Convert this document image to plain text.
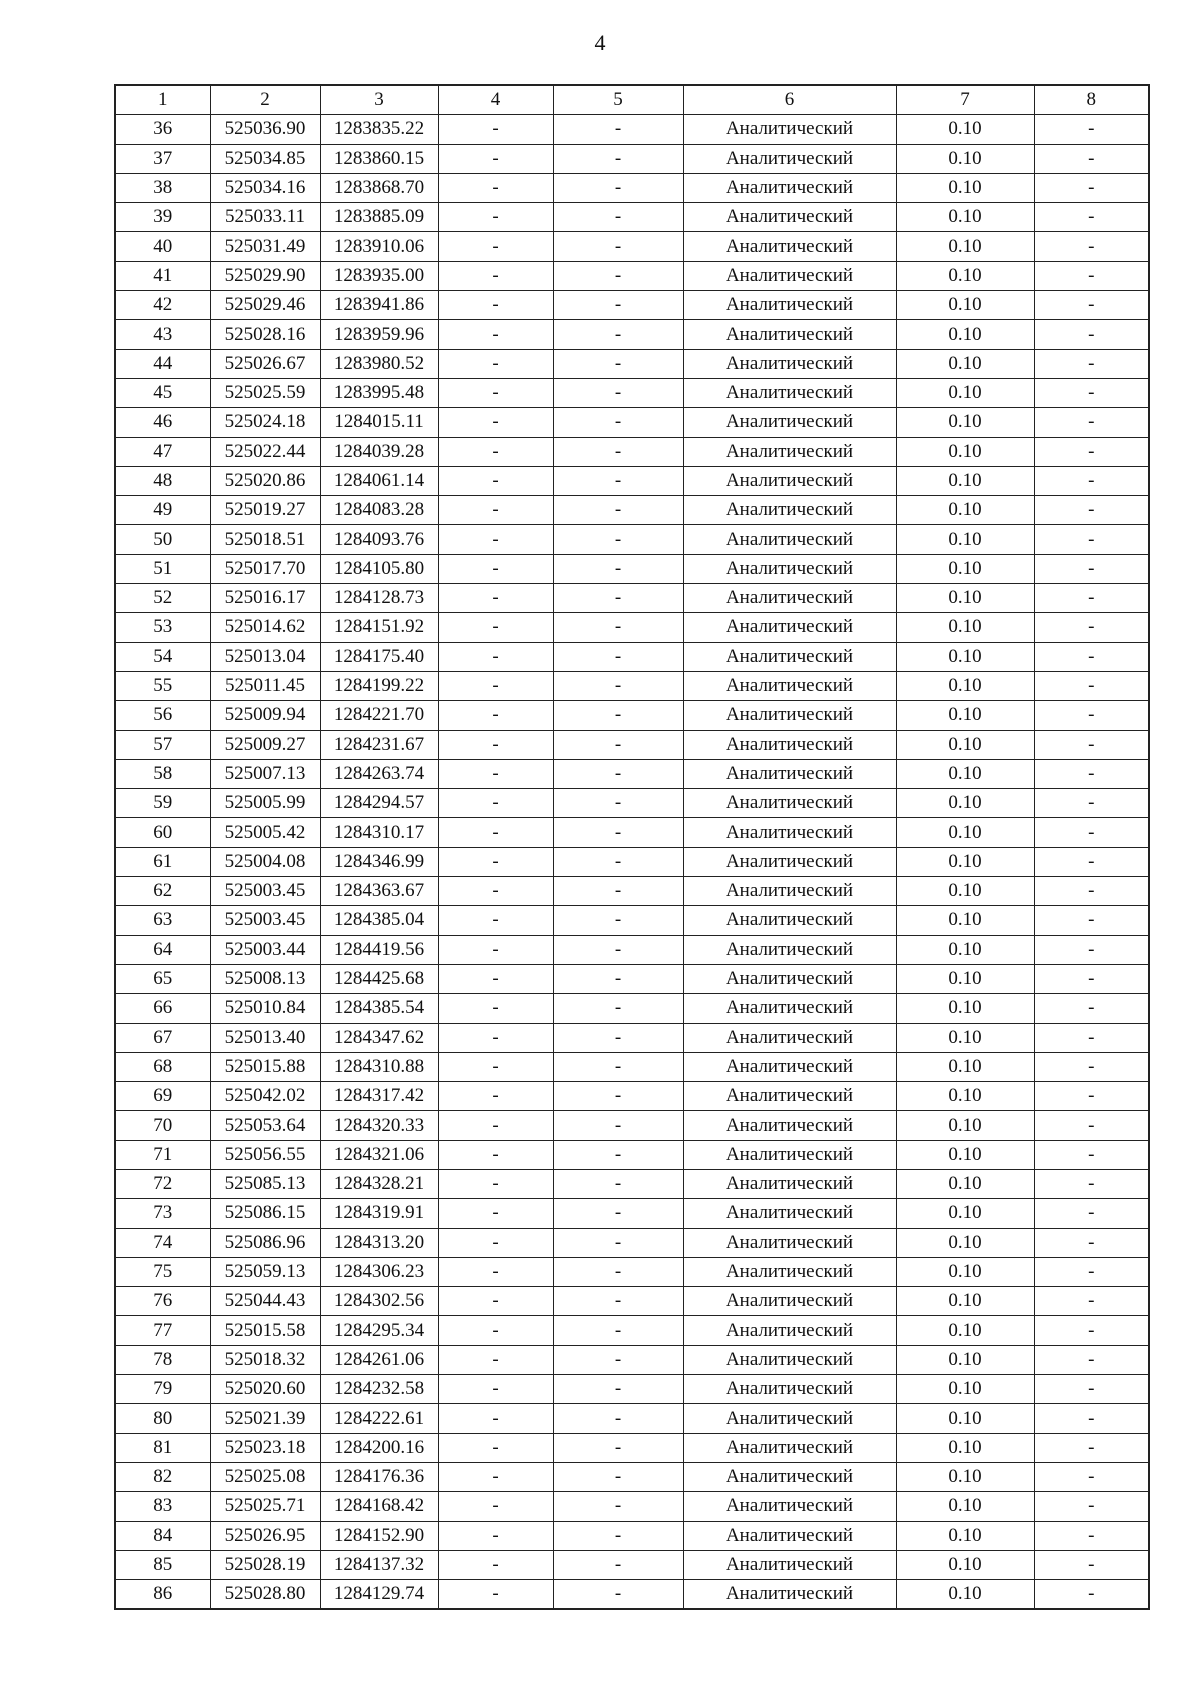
4
1	2	3	4	5	6	7	8
36	525036.90	1283835.22	-	-	Аналитический	0.10	-
37	525034.85	1283860.15	-	-	Аналитический	0.10	-
38	525034.16	1283868.70	-	-	Аналитический	0.10	-
39	525033.11	1283885.09	-	-	Аналитический	0.10	-
40	525031.49	1283910.06	-	-	Аналитический	0.10	-
41	525029.90	1283935.00	-	-	Аналитический	0.10	-
42	525029.46	1283941.86	-	-	Аналитический	0.10	-
43	525028.16	1283959.96	-	-	Аналитический	0.10	-
44	525026.67	1283980.52	-	-	Аналитический	0.10	-
45	525025.59	1283995.48	-	-	Аналитический	0.10	-
46	525024.18	1284015.11	-	-	Аналитический	0.10	-
47	525022.44	1284039.28	-	-	Аналитический	0.10	-
48	525020.86	1284061.14	-	-	Аналитический	0.10	-
49	525019.27	1284083.28	-	-	Аналитический	0.10	-
50	525018.51	1284093.76	-	-	Аналитический	0.10	-
51	525017.70	1284105.80	-	-	Аналитический	0.10	-
52	525016.17	1284128.73	-	-	Аналитический	0.10	-
53	525014.62	1284151.92	-	-	Аналитический	0.10	-
54	525013.04	1284175.40	-	-	Аналитический	0.10	-
55	525011.45	1284199.22	-	-	Аналитический	0.10	-
56	525009.94	1284221.70	-	-	Аналитический	0.10	-
57	525009.27	1284231.67	-	-	Аналитический	0.10	-
58	525007.13	1284263.74	-	-	Аналитический	0.10	-
59	525005.99	1284294.57	-	-	Аналитический	0.10	-
60	525005.42	1284310.17	-	-	Аналитический	0.10	-
61	525004.08	1284346.99	-	-	Аналитический	0.10	-
62	525003.45	1284363.67	-	-	Аналитический	0.10	-
63	525003.45	1284385.04	-	-	Аналитический	0.10	-
64	525003.44	1284419.56	-	-	Аналитический	0.10	-
65	525008.13	1284425.68	-	-	Аналитический	0.10	-
66	525010.84	1284385.54	-	-	Аналитический	0.10	-
67	525013.40	1284347.62	-	-	Аналитический	0.10	-
68	525015.88	1284310.88	-	-	Аналитический	0.10	-
69	525042.02	1284317.42	-	-	Аналитический	0.10	-
70	525053.64	1284320.33	-	-	Аналитический	0.10	-
71	525056.55	1284321.06	-	-	Аналитический	0.10	-
72	525085.13	1284328.21	-	-	Аналитический	0.10	-
73	525086.15	1284319.91	-	-	Аналитический	0.10	-
74	525086.96	1284313.20	-	-	Аналитический	0.10	-
75	525059.13	1284306.23	-	-	Аналитический	0.10	-
76	525044.43	1284302.56	-	-	Аналитический	0.10	-
77	525015.58	1284295.34	-	-	Аналитический	0.10	-
78	525018.32	1284261.06	-	-	Аналитический	0.10	-
79	525020.60	1284232.58	-	-	Аналитический	0.10	-
80	525021.39	1284222.61	-	-	Аналитический	0.10	-
81	525023.18	1284200.16	-	-	Аналитический	0.10	-
82	525025.08	1284176.36	-	-	Аналитический	0.10	-
83	525025.71	1284168.42	-	-	Аналитический	0.10	-
84	525026.95	1284152.90	-	-	Аналитический	0.10	-
85	525028.19	1284137.32	-	-	Аналитический	0.10	-
86	525028.80	1284129.74	-	-	Аналитический	0.10	-
